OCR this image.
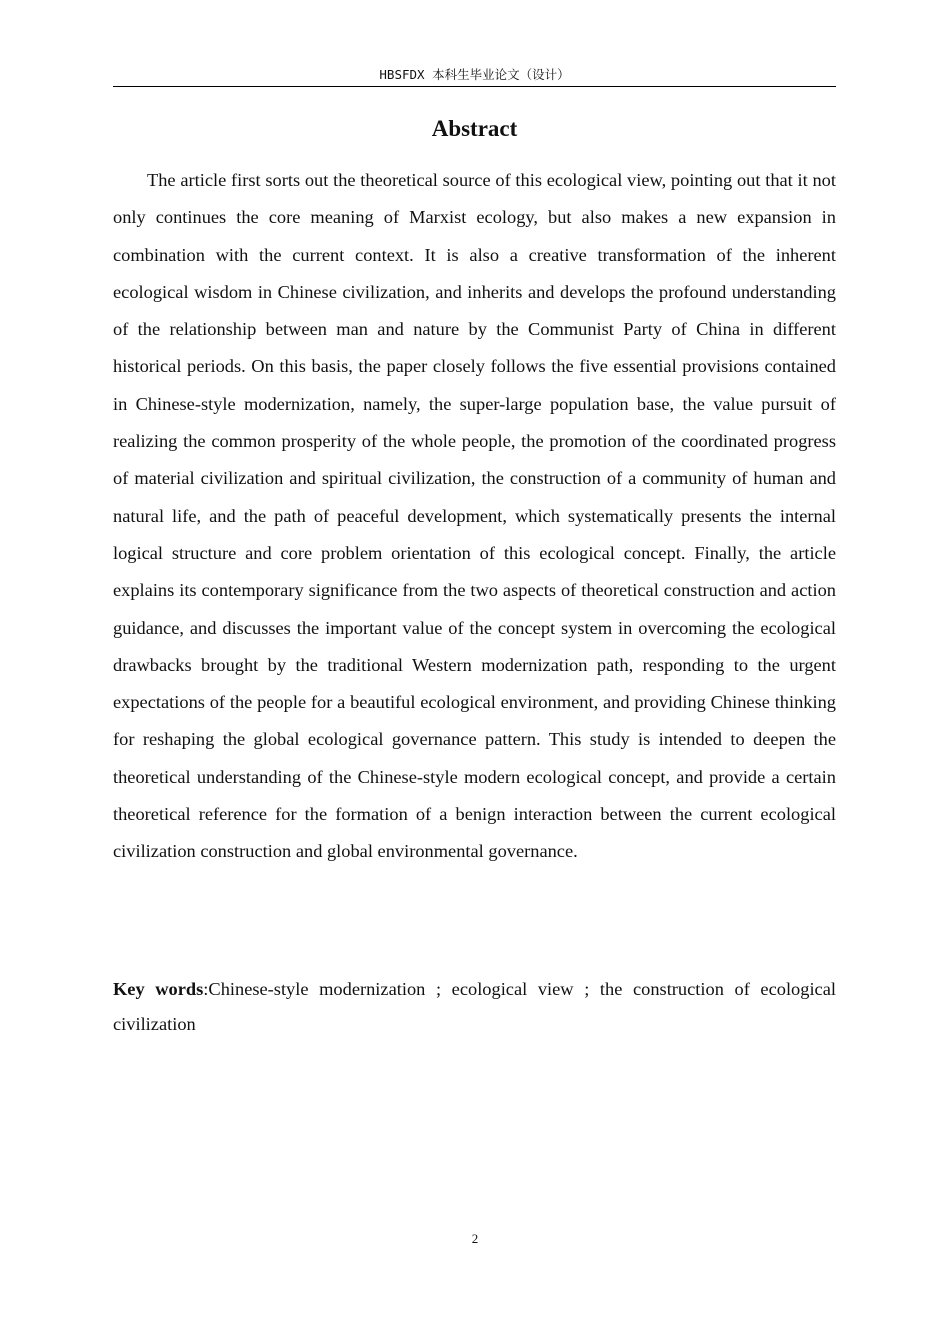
HBSFDX 本科生毕业论文（设计）
Abstract

The article first sorts out the theoretical source of this ecological view, pointing out that it not only continues the core meaning of Marxist ecology, but also makes a new expansion in combination with the current context. It is also a creative transformation of the inherent ecological wisdom in Chinese civilization, and inherits and develops the profound understanding of the relationship between man and nature by the Communist Party of China in different historical periods. On this basis, the paper closely follows the five essential provisions contained in Chinese-style modernization, namely, the super-large population base, the value pursuit of realizing the common prosperity of the whole people, the promotion of the coordinated progress of material civilization and spiritual civilization, the construction of a community of human and natural life, and the path of peaceful development, which systematically presents the internal logical structure and core problem orientation of this ecological concept. Finally, the article explains its contemporary significance from the two aspects of theoretical construction and action guidance, and discusses the important value of the concept system in overcoming the ecological drawbacks brought by the traditional Western modernization path, responding to the urgent expectations of the people for a beautiful ecological environment, and providing Chinese thinking for reshaping the global ecological governance pattern. This study is intended to deepen the theoretical understanding of the Chinese-style modern ecological concept, and provide a certain theoretical reference for the formation of a benign interaction between the current ecological civilization construction and global environmental governance.

Key words:Chinese-style modernization ; ecological view ; the construction of ecological civilization

2
